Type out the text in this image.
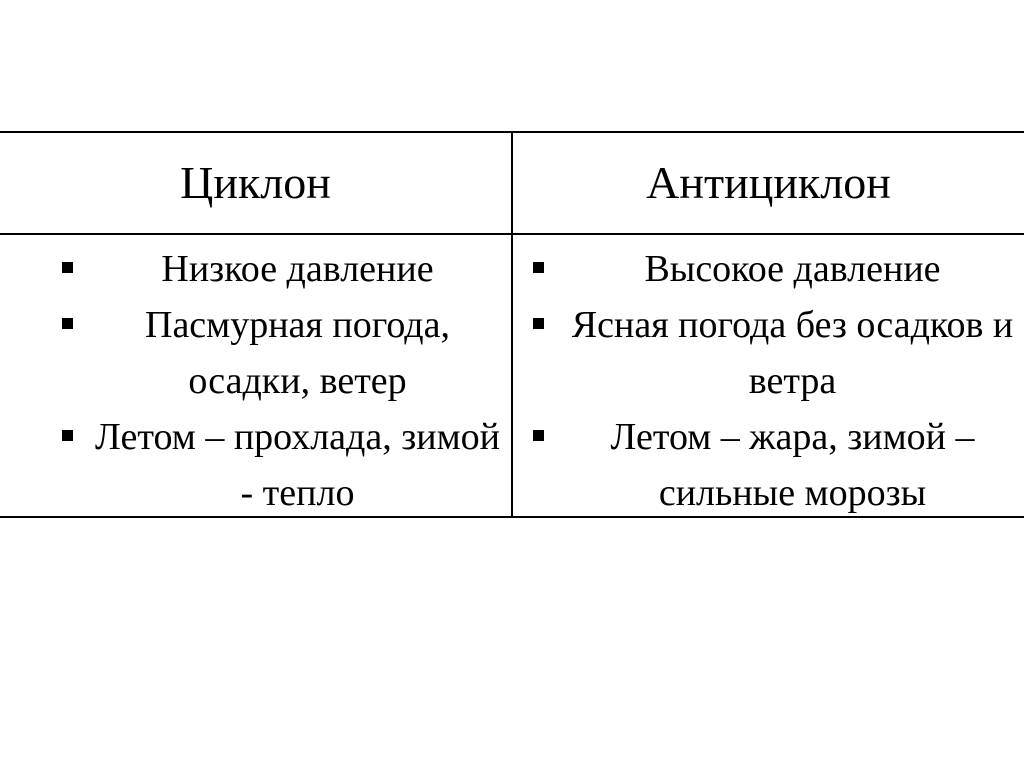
Циклон	Антициклон
Низкое давление
Пасмурная погода, осадки, ветер
Летом – прохлада, зимой - тепло
Высокое давление
Ясная погода без осадков и ветра
Летом – жара, зимой – сильные морозы
